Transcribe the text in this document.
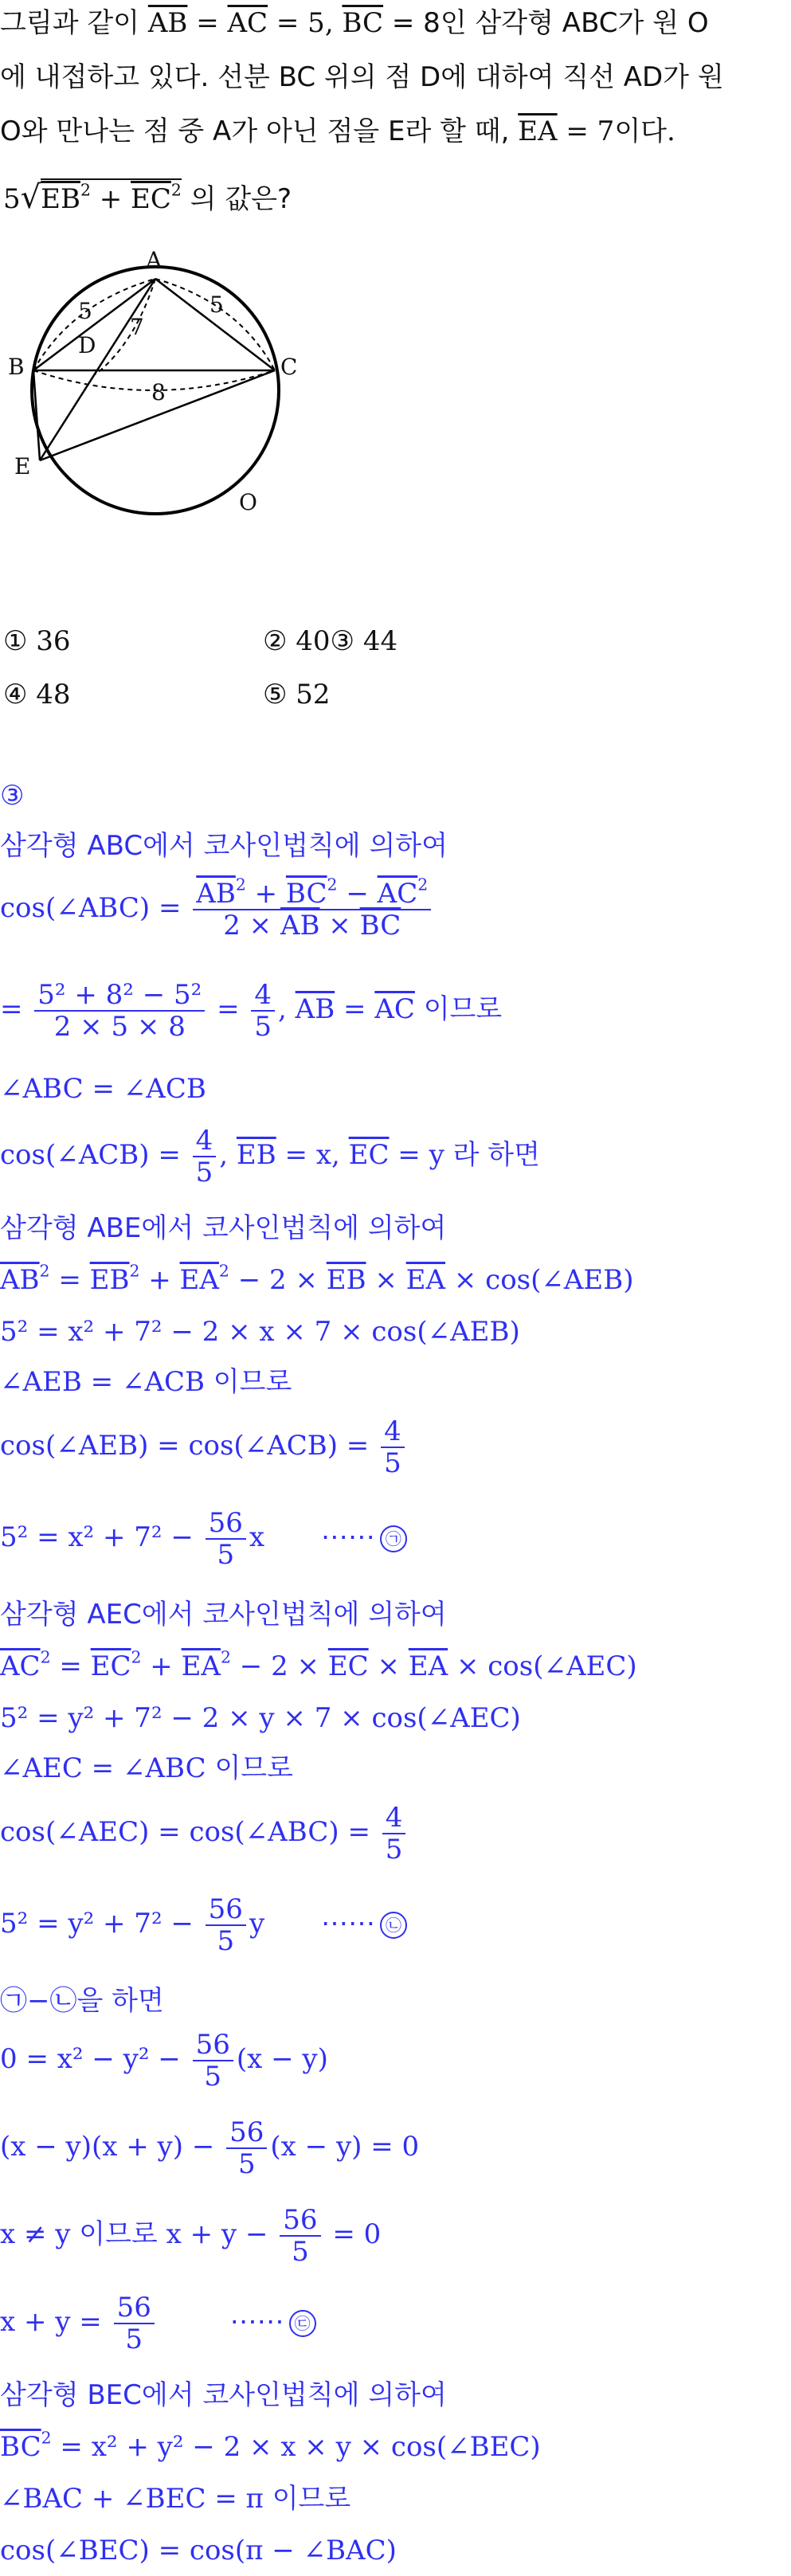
그림과 같이 $\overline{AB} = \overline{AC} = 5$, $\overline{BC} = 8$인 삼각형 ABC가 원 O
에 내접하고 있다. 선분 BC 위의 점 D에 대하여 직선 AD가 원
O와 만나는 점 중 A가 아닌 점을 E라 할 때, $\overline{EA} = 7$이다.
$5√EB^2 + \overline{EC}^2$ 의 값은?
A
B	C
D
E
O
5	5
7
8
① 36	② 40③ 44
④ 48	⑤ 52
③
삼각형 ABC에서 코사인법칙에 의하여
cos(∠ABC) = $\frac{\overline{AB}^2 + \overline{BC}^2 - \overline{AC}^2}{2 \times \overline{AB} \times \overline{BC}}$
= $\frac{\text{5² + 8² − 5²}}{2 \times 5 \times 8} = \frac{4}{5}$ , $\overline{AB} = \overline{AC}$ 이므로
∠ABC = ∠ACB
cos(∠ACB) = $\frac{4}{5}$ , $\overline{EB} = x$, $\overline{EC} = y$ 라 하면
삼각형 ABE에서 코사인법칙에 의하여
$\overline{AB}^2 = \overline{EB}^2 + \overline{EA}^2 - 2 \times \overline{EB} \times \overline{EA}$ × cos(∠AEB)
5² = x² + 7² − 2 × x × 7 × cos(∠AEB)
∠AEB = ∠ACB 이므로
cos(∠AEB) = cos(∠ACB) = $\frac{4}{5}$
$5^2 = x^2 + 7^2 - \frac{56}{5}$ x ⋯⋯ ㉠
삼각형 AEC에서 코사인법칙에 의하여
$\overline{AC}^2 = \overline{EC}^2 + \overline{EA}^2 - 2 \times \overline{EC} \times \overline{EA}$ × cos(∠AEC)
5² = y² + 7² − 2 × y × 7 × cos(∠AEC)
∠AEC = ∠ABC 이므로
cos(∠AEC) = cos(∠ABC) = $\frac{4}{5}$
$5^2 = y^2 + 7^2 - \frac{56}{5}$ y ⋯⋯ ㉡
㉠−㉡을 하면
$0 = x^2 - y^2 - \frac{56}{5} (x - y)$
$(x - y)(x + y) - \frac{56}{5} (x - y) = 0$
x ≠ y 이므로 $x + y - \frac{56}{5} = 0$
$x + y = \frac{56}{5}$	⋯⋯ ㉢
삼각형 BEC에서 코사인법칙에 의하여
$\overline{BC}^2 = x^2 + y^2 - 2 \times x \times y$ × cos(∠BEC)
∠BAC + ∠BEC = π 이므로
cos(∠BEC) = cos(π − ∠BAC)
